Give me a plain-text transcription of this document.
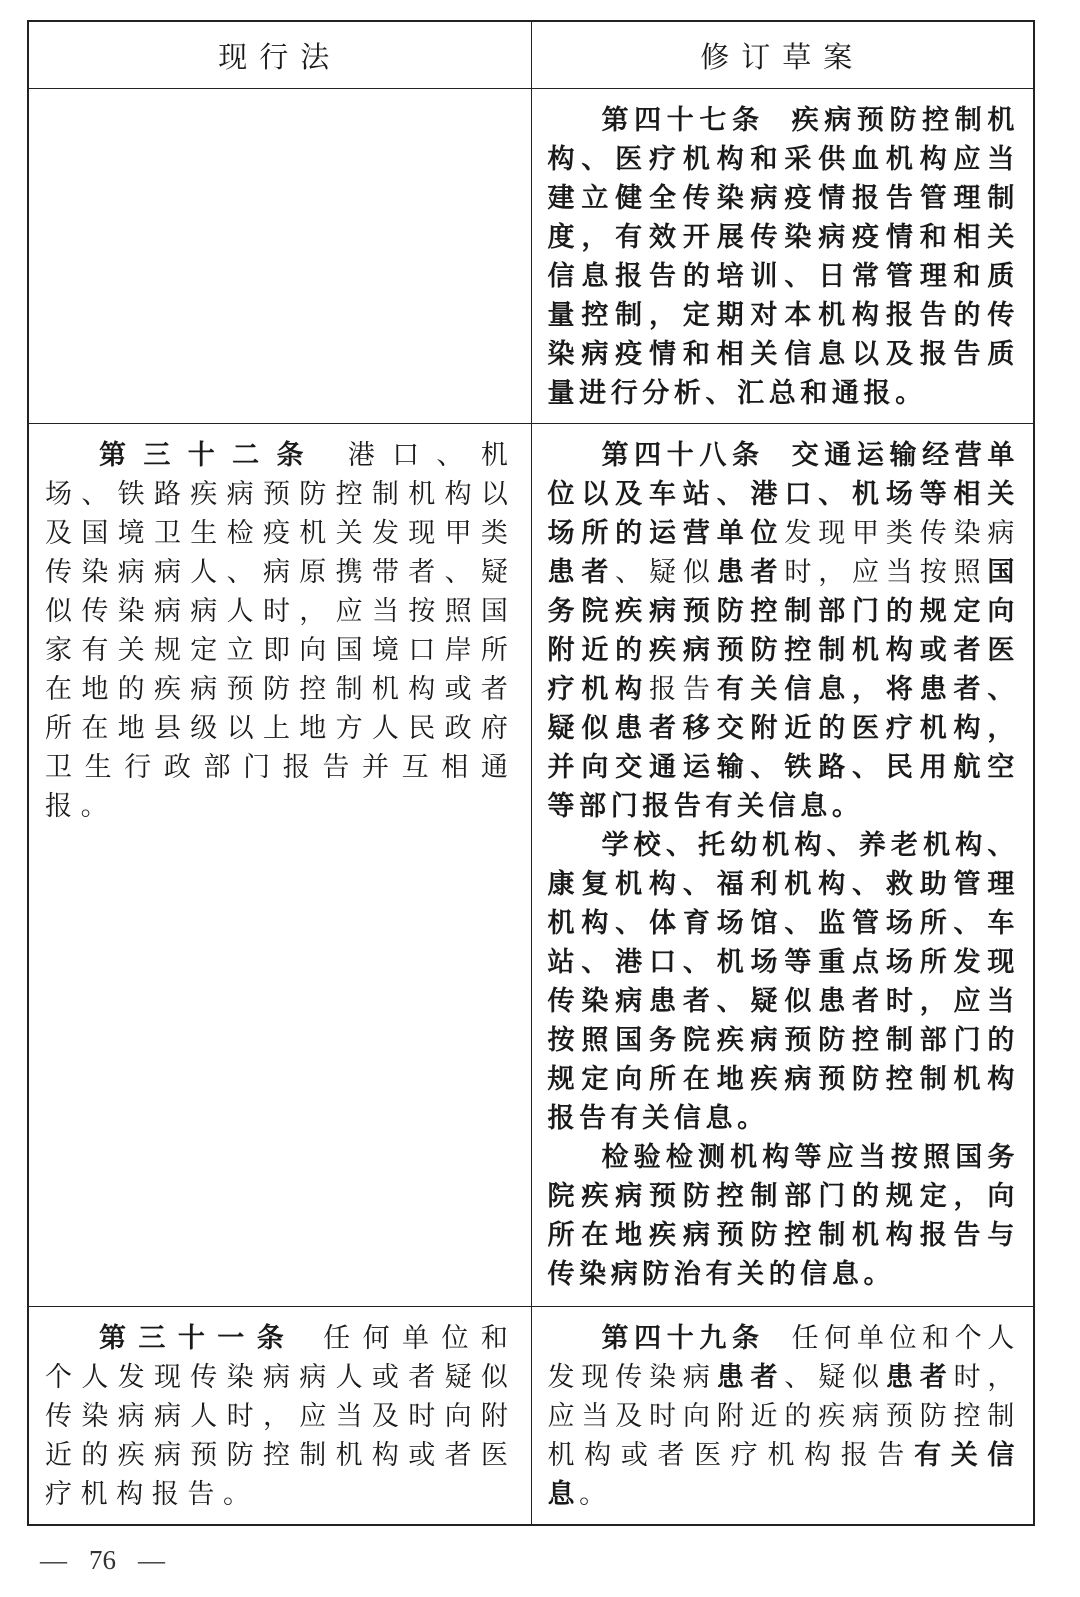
现行法	修订草案

	第四十七条 疾病预防控制机构、医疗机构和采供血机构应当建立健全传染病疫情报告管理制度，有效开展传染病疫情和相关信息报告的培训、日常管理和质量控制，定期对本机构报告的传染病疫情和相关信息以及报告质量进行分析、汇总和通报。

第三十二条 港口、机场、铁路疾病预防控制机构以及国境卫生检疫机关发现甲类传染病病人、病原携带者、疑似传染病病人时，应当按照国家有关规定立即向国境口岸所在地的疾病预防控制机构或者所在地县级以上地方人民政府卫生行政部门报告并互相通报。	第四十八条 交通运输经营单位以及车站、港口、机场等相关场所的运营单位发现甲类传染病患者、疑似患者时，应当按照国务院疾病预防控制部门的规定向附近的疾病预防控制机构或者医疗机构报告有关信息，将患者、疑似患者移交附近的医疗机构，并向交通运输、铁路、民用航空等部门报告有关信息。

学校、托幼机构、养老机构、康复机构、福利机构、救助管理机构、体育场馆、监管场所、车站、港口、机场等重点场所发现传染病患者、疑似患者时，应当按照国务院疾病预防控制部门的规定向所在地疾病预防控制机构报告有关信息。

检验检测机构等应当按照国务院疾病预防控制部门的规定，向所在地疾病预防控制机构报告与传染病防治有关的信息。

第三十一条 任何单位和个人发现传染病病人或者疑似传染病病人时，应当及时向附近的疾病预防控制机构或者医疗机构报告。	第四十九条 任何单位和个人发现传染病患者、疑似患者时，应当及时向附近的疾病预防控制机构或者医疗机构报告有关信息。

— 76 —
